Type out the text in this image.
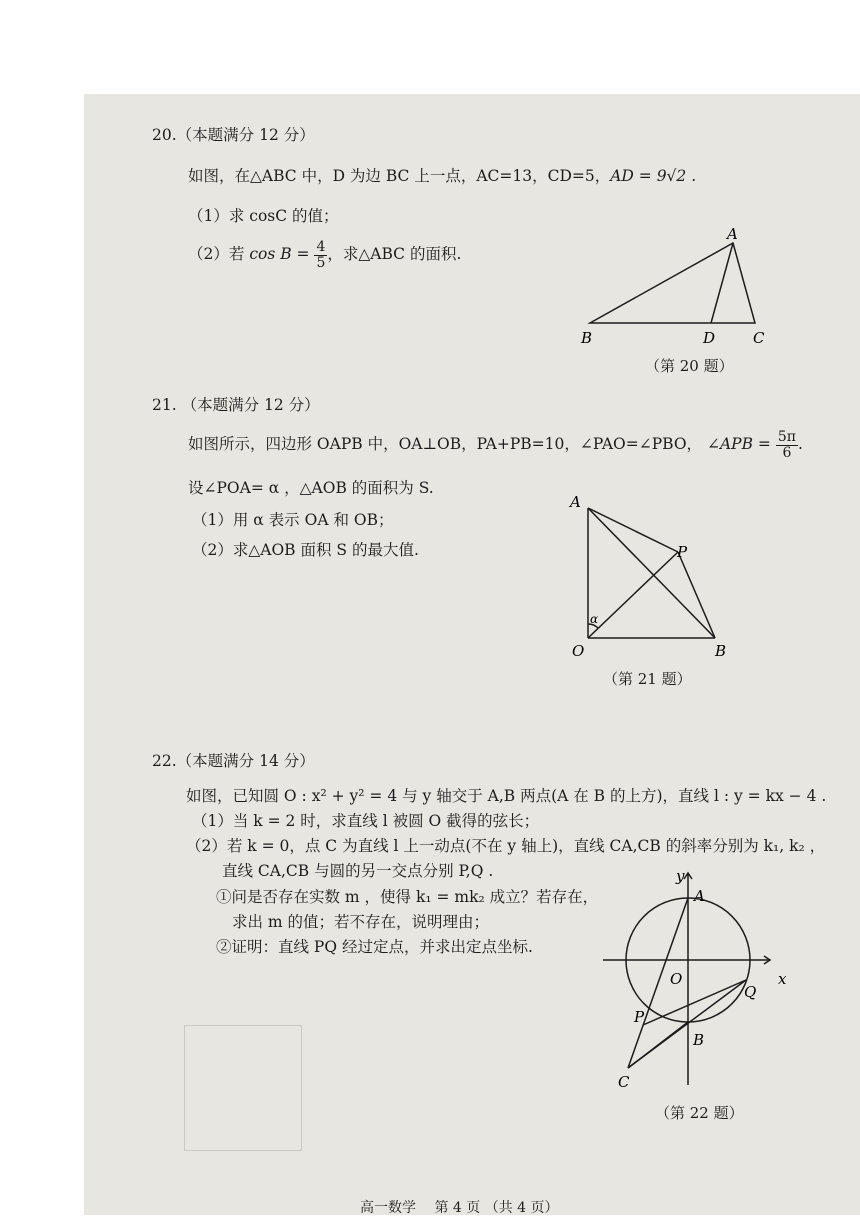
20.（本题满分 12 分）
如图，在△ABC 中，D 为边 BC 上一点，AC=13，CD=5，AD = 9√2 .
（1）求 cosC 的值；
（2）若 $\cos B = \frac{4}{5}$ ，求△ABC 的面积.
A
B	D	C
（第 20 题）
21. （本题满分 12 分）
如图所示，四边形 OAPB 中，OA⊥OB，PA+PB=10，∠PAO=∠PBO， ∠APB = $\frac{5\pi}{6}$ .
设∠POA= α ，△AOB 的面积为 S.
（1）用 α 表示 OA 和 OB；
（2）求△AOB 面积 S 的最大值.
A
P
O	B
α
（第 21 题）
22.（本题满分 14 分）
如图，已知圆 O : x² + y² = 4 与 y 轴交于 A,B 两点(A 在 B 的上方)，直线 l : y = kx − 4 .
（1）当 k = 2 时，求直线 l 被圆 O 截得的弦长；
（2）若 k = 0，点 C 为直线 l 上一动点(不在 y 轴上)，直线 CA,CB 的斜率分别为 k₁, k₂ ，
直线 CA,CB 与圆的另一交点分别 P,Q .
①问是否存在实数 m ，使得 k₁ = mk₂ 成立？若存在，
求出 m 的值；若不存在，说明理由；
②证明：直线 PQ 经过定点，并求出定点坐标.
y
A
x
O
Q
P
B
C
（第 22 题）
高一数学　 第 4 页 （共 4 页）
